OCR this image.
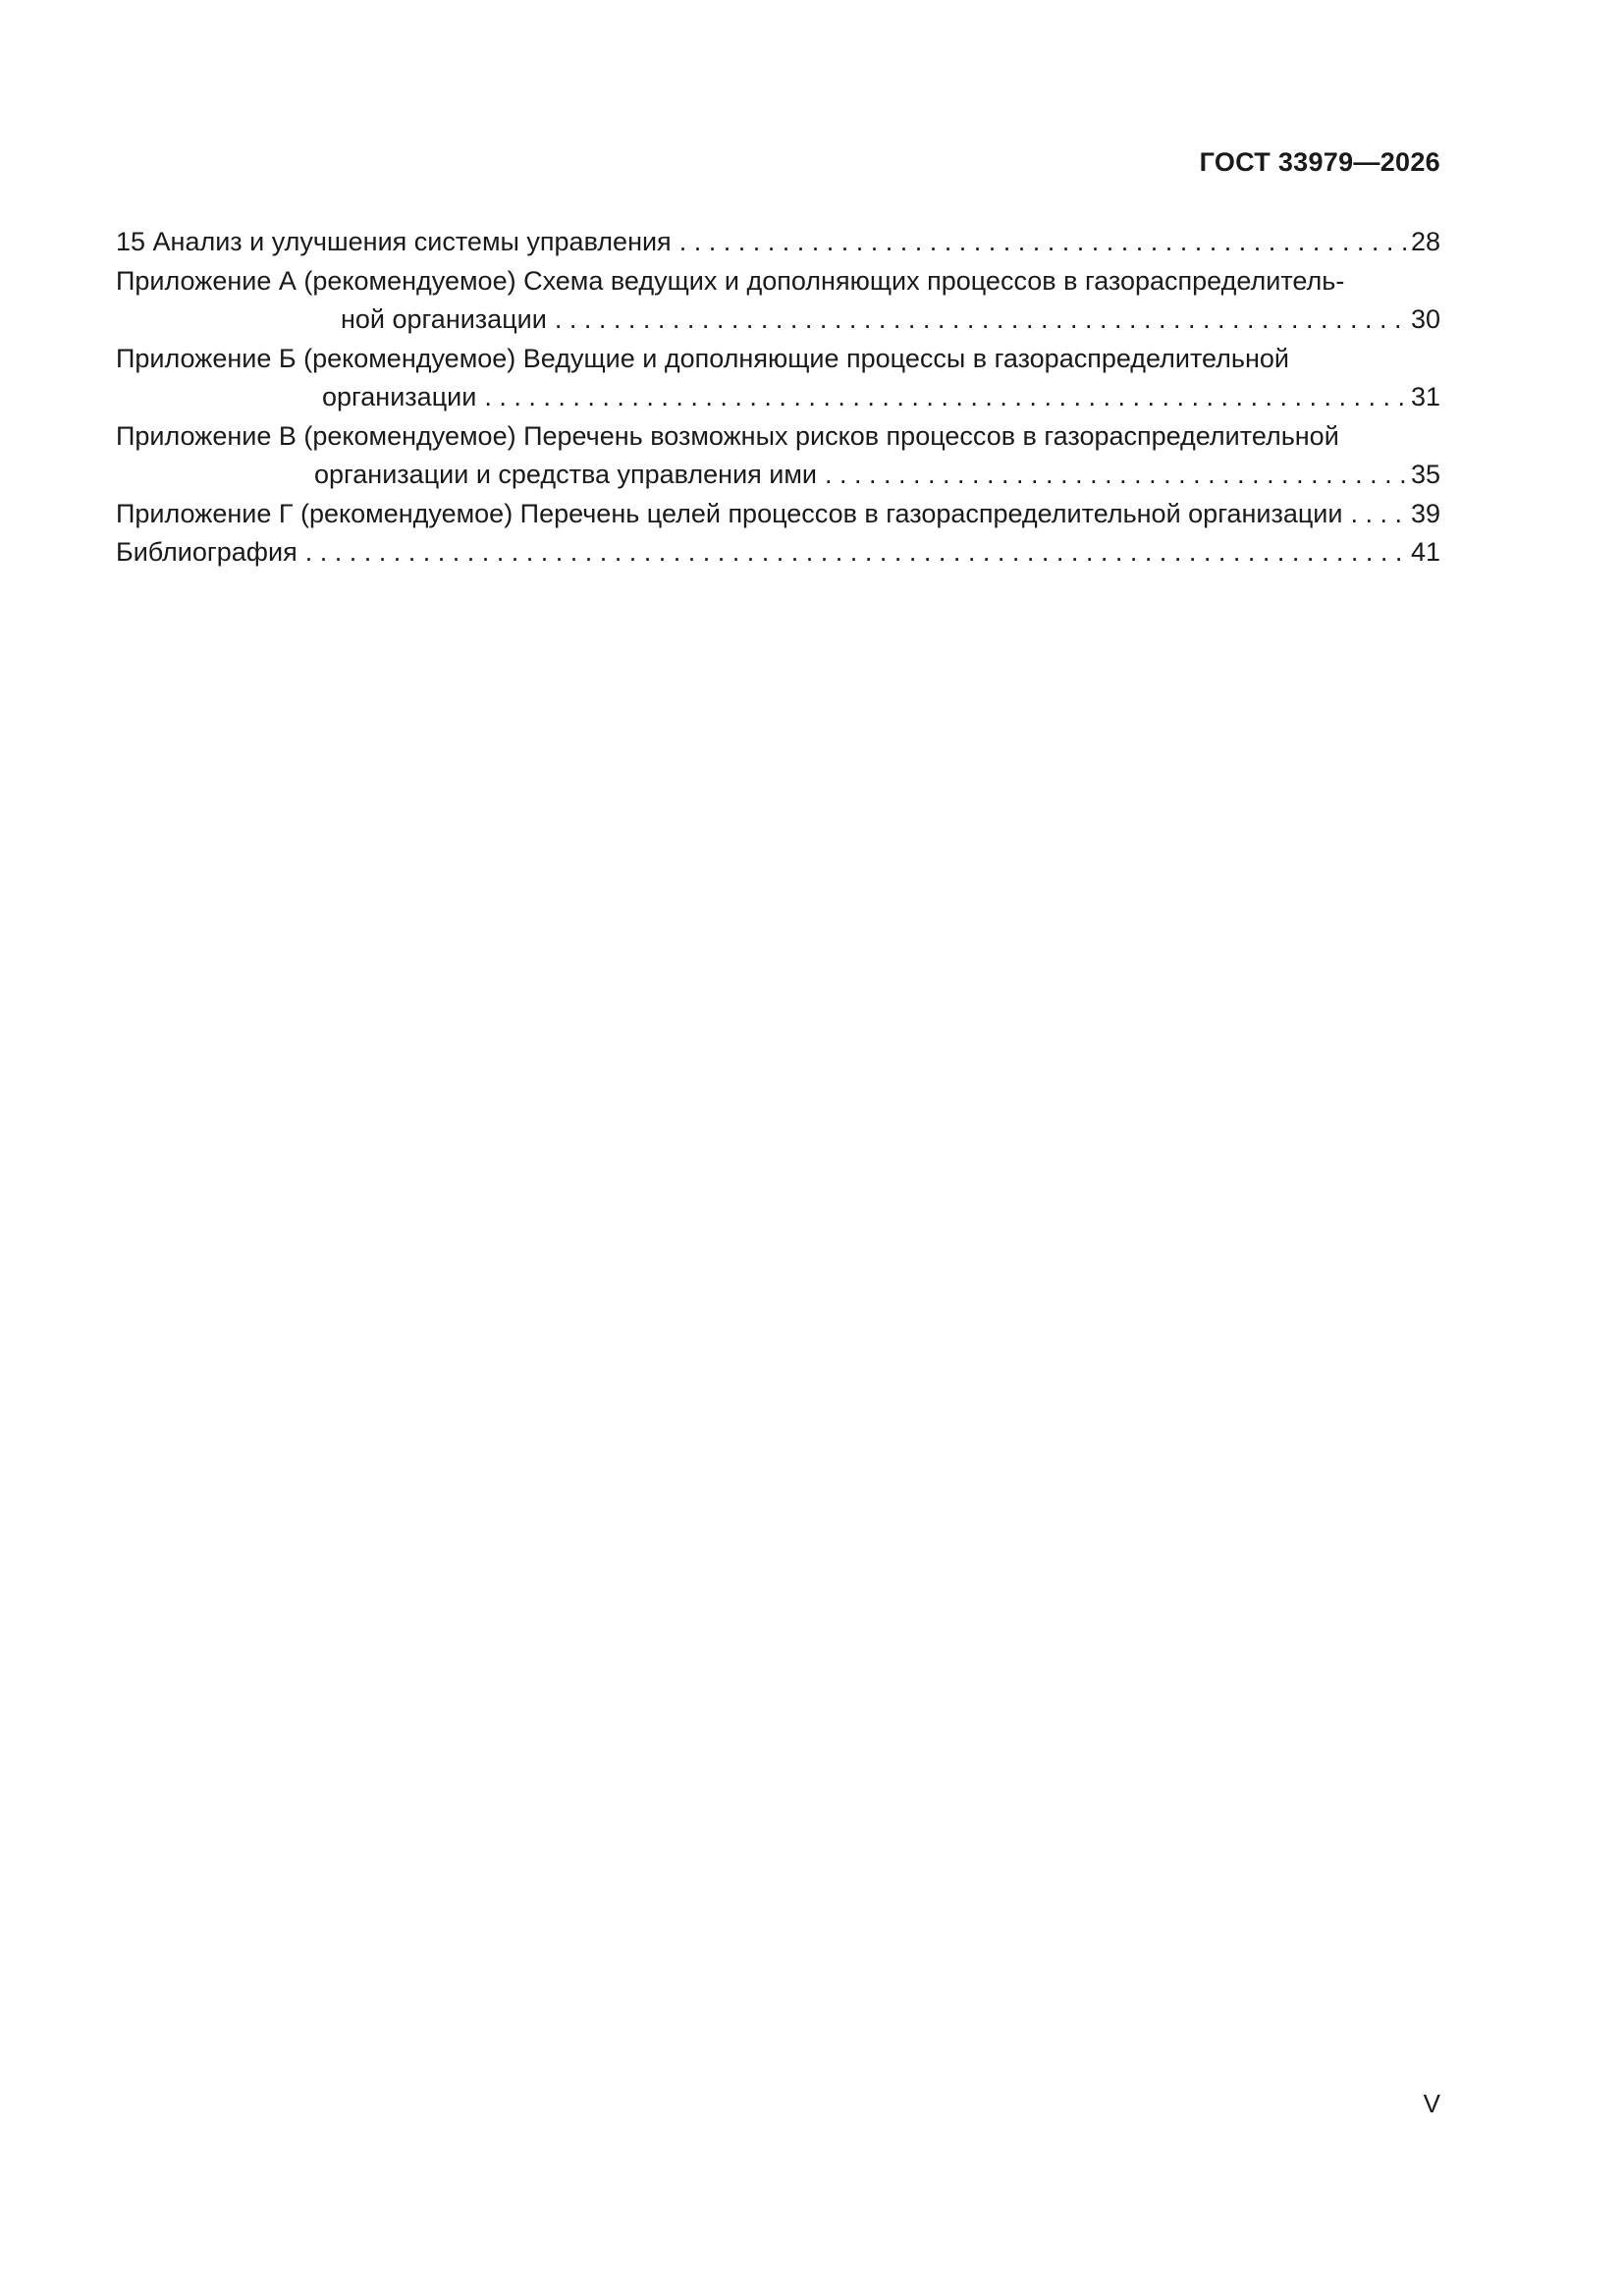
ГОСТ 33979—2026
15 Анализ и улучшения системы управления . . .	28
Приложение А (рекомендуемое) Схема ведущих и дополняющих процессов в газораспределитель-
ной организации . . .	30
Приложение Б (рекомендуемое) Ведущие и дополняющие процессы в газораспределительной
организации . . .	31
Приложение В (рекомендуемое) Перечень возможных рисков процессов в газораспределительной
организации и средства управления ими . . .	35
Приложение Г (рекомендуемое) Перечень целей процессов в газораспределительной организации . . .	39
Библиография . . .	41
V
